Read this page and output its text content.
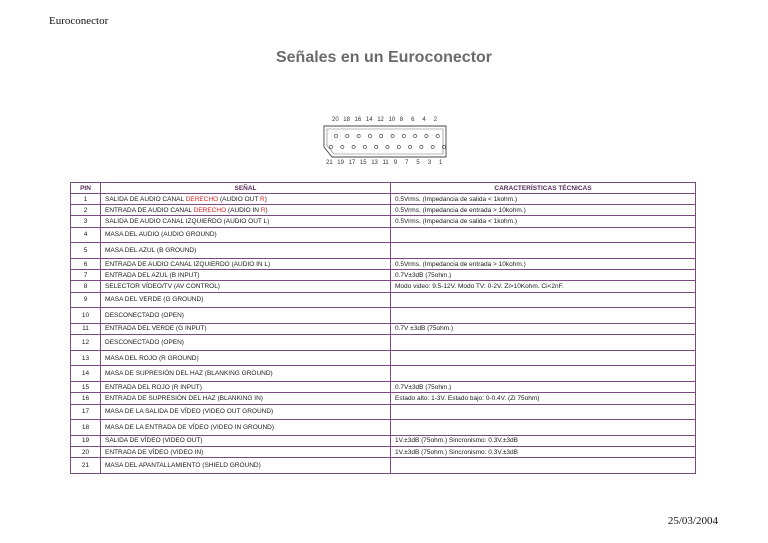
Euroconector
Señales en un Euroconector
20 18 16 14 12 10 8 6 4 2
21 19 17 15 13 11 9 7 5 3 1
PIN	SEÑAL	CARACTERÍSTICAS TÉCNICAS
1	SALIDA DE AUDIO CANAL DERECHO (AUDIO OUT R)	0.5Vrms. (Impedancia de salida < 1kohm.)
2	ENTRADA DE AUDIO CANAL DERECHO (AUDIO IN R)	0.5Vrms. (Impedancia de entrada > 10kohm.)
3	SALIDA DE AUDIO CANAL IZQUIERDO (AUDIO OUT L)	0.5Vrms. (Impedancia de salida < 1kohm.)
4	MASA DEL AUDIO (AUDIO GROUND)	
5	MASA DEL AZUL (B GROUND)	
6	ENTRADA DE AUDIO CANAL IZQUIERDO (AUDIO IN L)	0.5Vrms. (Impedancia de entrada > 10kohm.)
7	ENTRADA DEL AZUL (B INPUT)	0.7V±3dB (75ohm.)
8	SELECTOR VÍDEO/TV (AV CONTROL)	Modo video: 9.5-12V. Modo TV: 0-2V. Zi>10Kohm. Ci<2nF.
9	MASA DEL VERDE (G GROUND)	
10	DESCONECTADO (OPEN)	
11	ENTRADA DEL VERDE (G INPUT)	0.7V ±3dB (75ohm.)
12	DESCONECTADO (OPEN)	
13	MASA DEL ROJO (R GROUND)	
14	MASA DE SUPRESIÓN DEL HAZ (BLANKING GROUND)	
15	ENTRADA DEL ROJO (R INPUT)	0.7V±3dB (75ohm.)
16	ENTRADA DE SUPRESIÓN DEL HAZ (BLANKING IN)	Estado alto: 1-3V. Estado bajo: 0-0.4V. (Zi 75ohm)
17	MASA DE LA SALIDA DE VÍDEO (VIDEO OUT GROUND)	
18	MASA DE LA ENTRADA DE VÍDEO (VIDEO IN GROUND)	
19	SALIDA DE VÍDEO (VIDEO OUT)	1V.±3dB (75ohm.) Sincronismo: 0.3V.±3dB
20	ENTRADA DE VÍDEO (VIDEO IN)	1V.±3dB (75ohm.) Sincronismo: 0.3V.±3dB
21	MASA DEL APANTALLAMIENTO (SHIELD GROUND)	
25/03/2004
